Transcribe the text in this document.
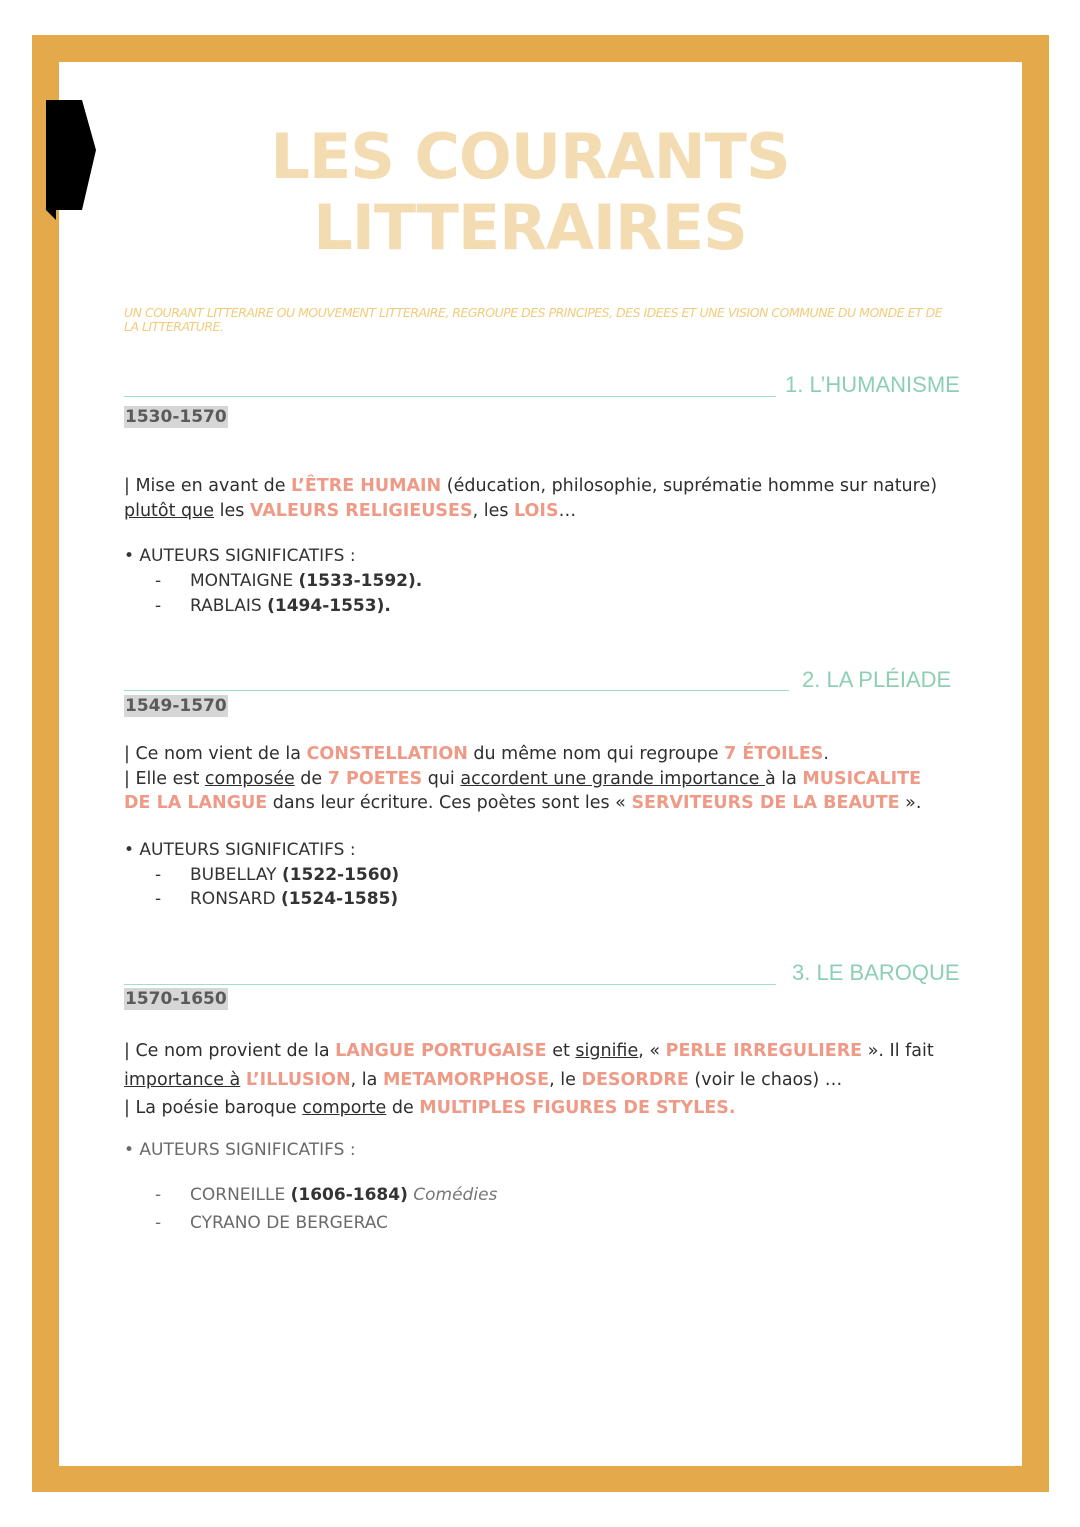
LES COURANTS
LITTERAIRES
UN COURANT LITTERAIRE OU MOUVEMENT LITTERAIRE, REGROUPE DES PRINCIPES, DES IDEES ET UNE VISION COMMUNE DU MONDE ET DE LA LITTERATURE.
1. L’HUMANISME
1530-1570
| Mise en avant de L’ÊTRE HUMAIN (éducation, philosophie, suprématie homme sur nature)
plutôt que les VALEURS RELIGIEUSES, les LOIS…
• AUTEURS SIGNIFICATIFS :
- MONTAIGNE (1533-1592).
- RABLAIS (1494-1553).
2. LA PLÉIADE
1549-1570
| Ce nom vient de la CONSTELLATION du même nom qui regroupe 7 ÉTOILES.
| Elle est composée de 7 POETES qui accordent une grande importance à la MUSICALITE DE LA LANGUE dans leur écriture. Ces poètes sont les « SERVITEURS DE LA BEAUTE ».
• AUTEURS SIGNIFICATIFS :
- BUBELLAY (1522-1560)
- RONSARD (1524-1585)
3. LE BAROQUE
1570-1650
| Ce nom provient de la LANGUE PORTUGAISE et signifie, « PERLE IRREGULIERE ». Il fait
importance à L’ILLUSION, la METAMORPHOSE, le DESORDRE (voir le chaos) …
| La poésie baroque comporte de MULTIPLES FIGURES DE STYLES.
• AUTEURS SIGNIFICATIFS :
- CORNEILLE (1606-1684) Comédies
- CYRANO DE BERGERAC
